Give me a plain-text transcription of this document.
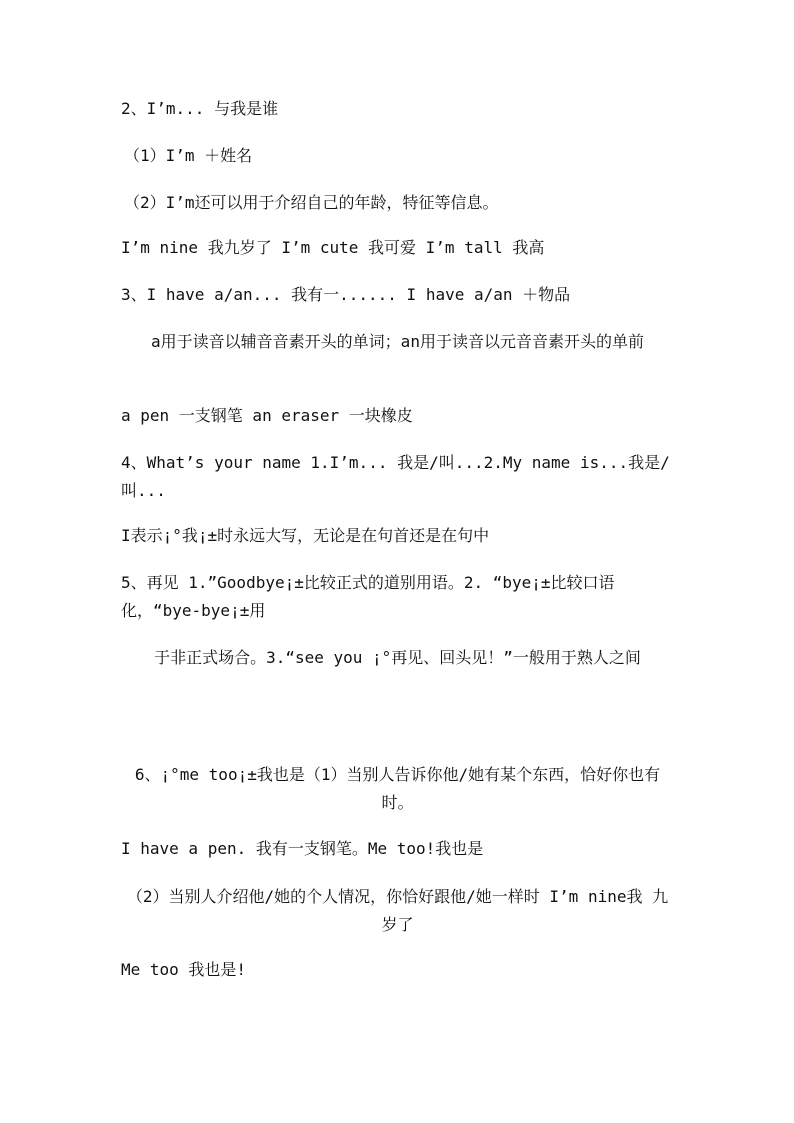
2、I’m... 与我是谁
（1）I’m ＋姓名
（2）I’m还可以用于介绍自己的年龄，特征等信息。
I’m nine 我九岁了 I’m cute 我可爱 I’m tall 我高
3、I have a/an... 我有一...... I have a/an ＋物品
a用于读音以辅音音素开头的单词；an用于读音以元音音素开头的单前
a pen 一支钢笔 an eraser 一块橡皮
4、What’s your name 1.I’m... 我是/叫...2.My name is...我是/叫...
I表示¡°我¡±时永远大写，无论是在句首还是在句中
5、再见 1.”Goodbye¡±比较正式的道别用语。2. “bye¡±比较口语化，“bye-bye¡±用
于非正式场合。3.“see you ¡°再见、回头见！”一般用于熟人之间
6、¡°me too¡±我也是（1）当别人告诉你他/她有某个东西，恰好你也有时。
I have a pen. 我有一支钢笔。Me too!我也是
（2）当别人介绍他/她的个人情况，你恰好跟他/她一样时 I’m nine我 九岁了
Me too 我也是!
